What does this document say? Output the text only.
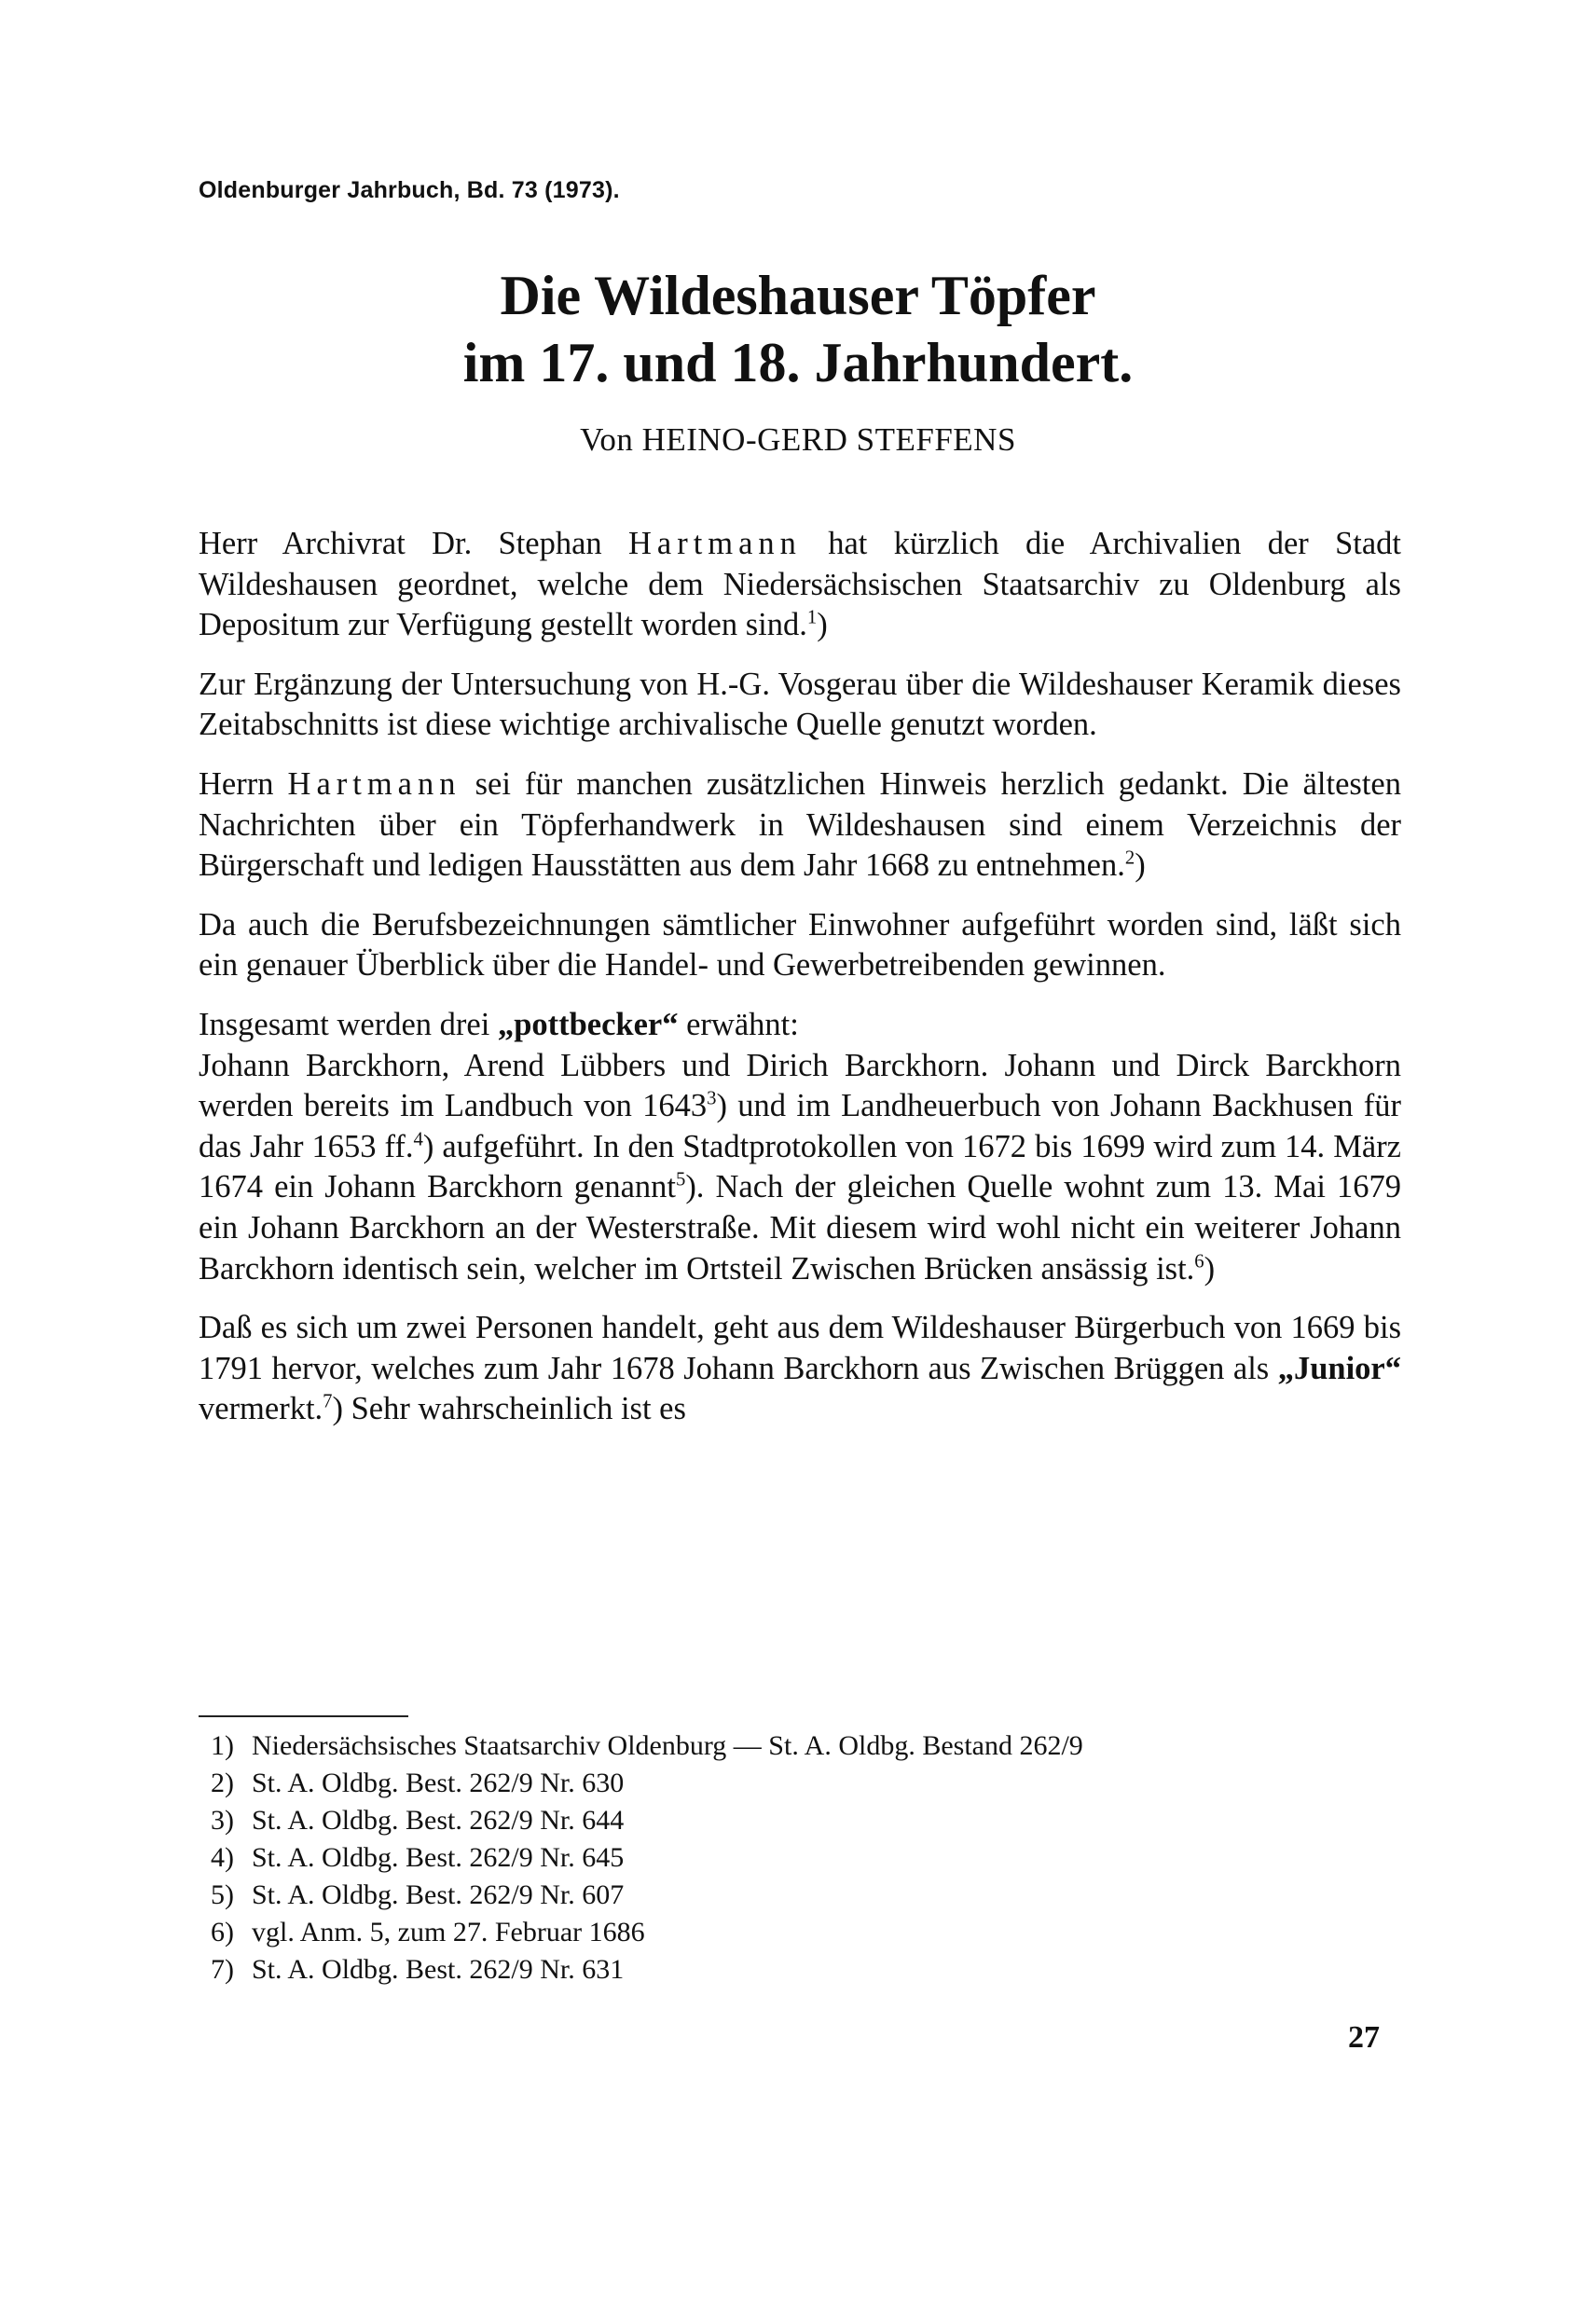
Oldenburger Jahrbuch, Bd. 73 (1973).
Die Wildeshauser Töpfer
im 17. und 18. Jahrhundert.
Von HEINO-GERD STEFFENS

Herr Archivrat Dr. Stephan Hartmann hat kürzlich die Archivalien der Stadt Wildeshausen geordnet, welche dem Niedersächsischen Staatsarchiv zu Oldenburg als Depositum zur Verfügung gestellt worden sind.$^1$)

Zur Ergänzung der Untersuchung von H.-G. Vosgerau über die Wildeshauser Keramik dieses Zeitabschnitts ist diese wichtige archivalische Quelle genutzt worden.

Herrn Hartmann sei für manchen zusätzlichen Hinweis herzlich gedankt. Die ältesten Nachrichten über ein Töpferhandwerk in Wildeshausen sind einem Verzeichnis der Bürgerschaft und ledigen Hausstätten aus dem Jahr 1668 zu entnehmen.$^2$)

Da auch die Berufsbezeichnungen sämtlicher Einwohner aufgeführt worden sind, läßt sich ein genauer Überblick über die Handel- und Gewerbetreibenden gewinnen.

Insgesamt werden drei „pottbecker“ erwähnt:
Johann Barckhorn, Arend Lübbers und Dirich Barckhorn. Johann und Dirck Barckhorn werden bereits im Landbuch von 1643$^3$) und im Landheuerbuch von Johann Backhusen für das Jahr 1653 ff.$^4$) aufgeführt. In den Stadtprotokollen von 1672 bis 1699 wird zum 14. März 1674 ein Johann Barckhorn genannt$^5$). Nach der gleichen Quelle wohnt zum 13. Mai 1679 ein Johann Barckhorn an der Westerstraße. Mit diesem wird wohl nicht ein weiterer Johann Barckhorn identisch sein, welcher im Ortsteil Zwischen Brücken ansässig ist.$^6$)

Daß es sich um zwei Personen handelt, geht aus dem Wildeshauser Bürgerbuch von 1669 bis 1791 hervor, welches zum Jahr 1678 Johann Barckhorn aus Zwischen Brüggen als „Junior“ vermerkt.$^7$) Sehr wahrscheinlich ist es

1) Niedersächsisches Staatsarchiv Oldenburg — St. A. Oldbg. Bestand 262/9
2) St. A. Oldbg. Best. 262/9 Nr. 630
3) St. A. Oldbg. Best. 262/9 Nr. 644
4) St. A. Oldbg. Best. 262/9 Nr. 645
5) St. A. Oldbg. Best. 262/9 Nr. 607
6) vgl. Anm. 5, zum 27. Februar 1686
7) St. A. Oldbg. Best. 262/9 Nr. 631
27
